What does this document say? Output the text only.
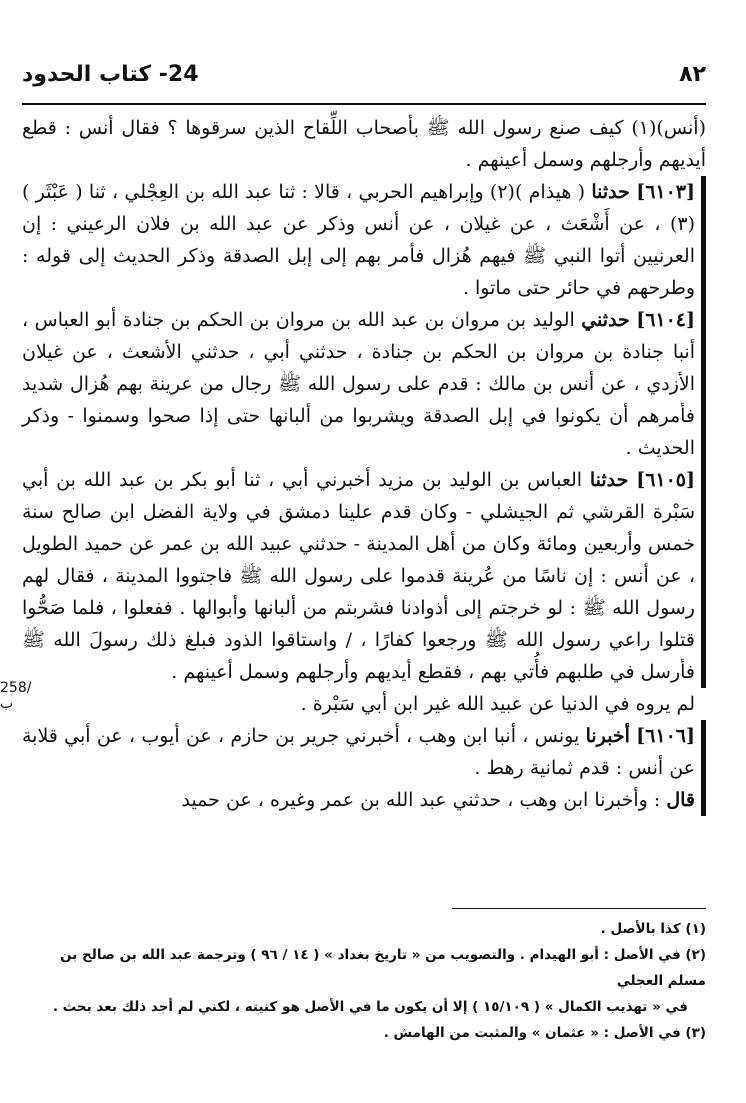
24- كتاب الحدود	٨٢
258/ب

(أنس)(١) كيف صنع رسول الله ﷺ بأصحاب اللِّقاح الذين سرقوها ؟ فقال أنس : قطع أيديهم وأرجلهم وسمل أعينهم .

[٦١٠٣] حدثنا ( هيذام )(٢) وإبراهيم الحربي ، قالا : ثنا عبد الله بن العِجْلي ، ثنا ( عَبْثَر )(٣) ، عن أَشْعَث ، عن غيلان ، عن أنس وذكر عن عبد الله بن فلان الرعيني : إن العرنيين أتوا النبي ﷺ فيهم هُزال فأمر بهم إلى إبل الصدقة وذكر الحديث إلى قوله : وطرحهم في حائر حتى ماتوا .

[٦١٠٤] حدثني الوليد بن مروان بن عبد الله بن مروان بن الحكم بن جنادة أبو العباس ، أنبا جنادة بن مروان بن الحكم بن جنادة ، حدثني أبي ، حدثني الأشعث ، عن غيلان الأزدي ، عن أنس بن مالك : قدم على رسول الله ﷺ رجال من عرينة بهم هُزال شديد فأمرهم أن يكونوا في إبل الصدقة ويشربوا من ألبانها حتى إذا صحوا وسمنوا - وذكر الحديث .

[٦١٠٥] حدثنا العباس بن الوليد بن مزيد أخبرني أبي ، ثنا أبو بكر بن عبد الله بن أبي سَبْرة القرشي ثم الجيشلي - وكان قدم علينا دمشق في ولاية الفضل ابن صالح سنة خمس وأربعين ومائة وكان من أهل المدينة - حدثني عبيد الله بن عمر عن حميد الطويل ، عن أنس : إن ناسًا من عُرينة قدموا على رسول الله ﷺ فاجتووا المدينة ، فقال لهم رسول الله ﷺ : لو خرجتم إلى أذوادنا فشربتم من ألبانها وأبوالها . ففعلوا ، فلما صَحُّوا قتلوا راعي رسول الله ﷺ ورجعوا كفارًا ، / واستاقوا الذود فبلغ ذلك رسولَ الله ﷺ فأرسل في طلبهم فأُتي بهم ، فقطع أيديهم وأرجلهم وسمل أعينهم .

لم يروه في الدنيا عن عبيد الله غير ابن أبي سَبْرة .

[٦١٠٦] أخبرنا يونس ، أنبا ابن وهب ، أخبرني جرير بن حازم ، عن أيوب ، عن أبي قلابة عن أنس : قدم ثمانية رهط .

قال : وأخبرنا ابن وهب ، حدثني عبد الله بن عمر وغيره ، عن حميد

(١) كذا بالأصل .

(٢) في الأصل : أبو الهيدام . والتصويب من « تاريخ بغداد » ( ١٤ / ٩٦ ) وترجمة عبد الله بن صالح بن مسلم العجلي

في « تهذيب الكمال » ( ١٥/١٠٩ ) إلا أن يكون ما في الأصل هو كنيته ، لكني لم أجد ذلك بعد بحث .

(٣) في الأصل : « عثمان » والمثبت من الهامش .
